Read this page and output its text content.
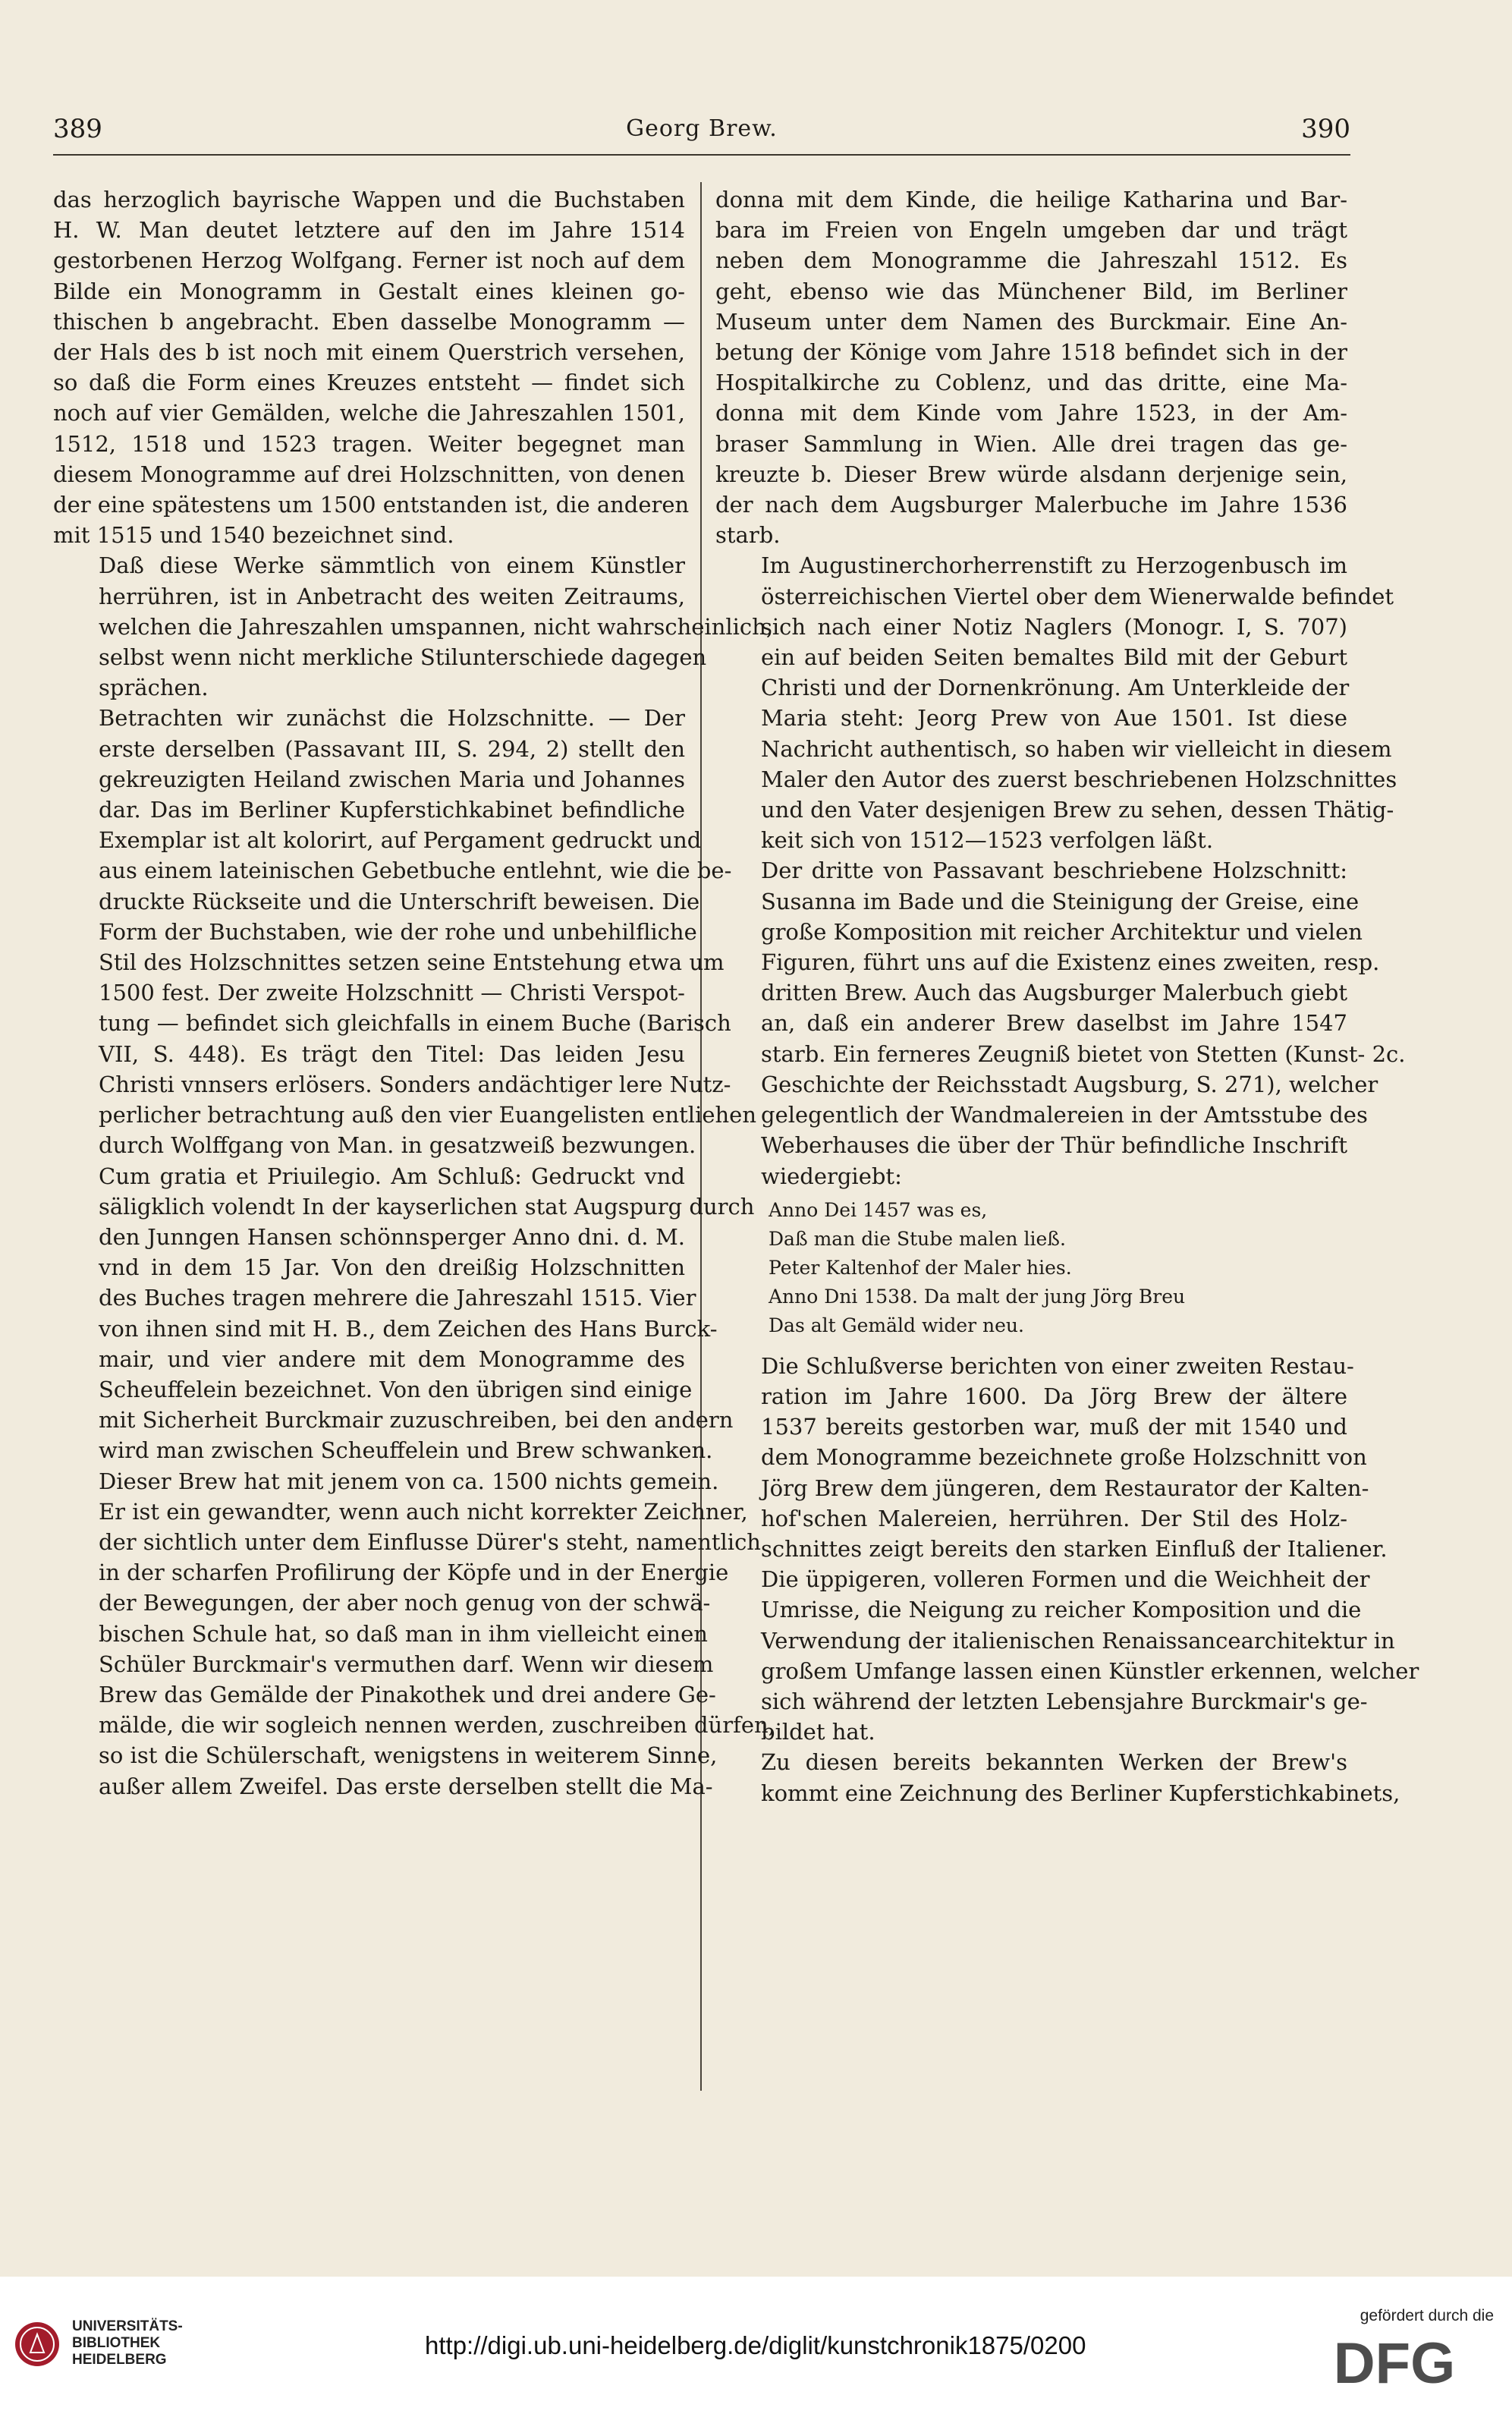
389	Georg Brew.	390

das herzoglich bayrische Wappen und die Buchstaben
H. W. Man deutet letztere auf den im Jahre 1514
gestorbenen Herzog Wolfgang. Ferner ist noch auf dem
Bilde ein Monogramm in Gestalt eines kleinen go-
thischen b angebracht. Eben dasselbe Monogramm —
der Hals des b ist noch mit einem Querstrich versehen,
so daß die Form eines Kreuzes entsteht — findet sich
noch auf vier Gemälden, welche die Jahreszahlen 1501,
1512, 1518 und 1523 tragen. Weiter begegnet man
diesem Monogramme auf drei Holzschnitten, von denen
der eine spätestens um 1500 entstanden ist, die anderen
mit 1515 und 1540 bezeichnet sind.

Daß diese Werke sämmtlich von einem Künstler
herrühren, ist in Anbetracht des weiten Zeitraums,
welchen die Jahreszahlen umspannen, nicht wahrscheinlich,
selbst wenn nicht merkliche Stilunterschiede dagegen
sprächen.

Betrachten wir zunächst die Holzschnitte. — Der
erste derselben (Passavant III, S. 294, 2) stellt den
gekreuzigten Heiland zwischen Maria und Johannes
dar. Das im Berliner Kupferstichkabinet befindliche
Exemplar ist alt kolorirt, auf Pergament gedruckt und
aus einem lateinischen Gebetbuche entlehnt, wie die be-
druckte Rückseite und die Unterschrift beweisen. Die
Form der Buchstaben, wie der rohe und unbehilfliche
Stil des Holzschnittes setzen seine Entstehung etwa um
1500 fest. Der zweite Holzschnitt — Christi Verspot-
tung — befindet sich gleichfalls in einem Buche (Barisch
VII, S. 448). Es trägt den Titel: Das leiden Jesu
Christi vnnsers erlösers. Sonders andächtiger lere Nutz-
perlicher betrachtung auß den vier Euangelisten entliehen
durch Wolffgang von Man. in gesatzweiß bezwungen.
Cum gratia et Priuilegio. Am Schluß: Gedruckt vnd
säligklich volendt In der kayserlichen stat Augspurg durch
den Junngen Hansen schönnsperger Anno dni. d. M.
vnd in dem 15 Jar. Von den dreißig Holzschnitten
des Buches tragen mehrere die Jahreszahl 1515. Vier
von ihnen sind mit H. B., dem Zeichen des Hans Burck-
mair, und vier andere mit dem Monogramme des
Scheuffelein bezeichnet. Von den übrigen sind einige
mit Sicherheit Burckmair zuzuschreiben, bei den andern
wird man zwischen Scheuffelein und Brew schwanken.
Dieser Brew hat mit jenem von ca. 1500 nichts gemein.
Er ist ein gewandter, wenn auch nicht korrekter Zeichner,
der sichtlich unter dem Einflusse Dürer's steht, namentlich
in der scharfen Profilirung der Köpfe und in der Energie
der Bewegungen, der aber noch genug von der schwä-
bischen Schule hat, so daß man in ihm vielleicht einen
Schüler Burckmair's vermuthen darf. Wenn wir diesem
Brew das Gemälde der Pinakothek und drei andere Ge-
mälde, die wir sogleich nennen werden, zuschreiben dürfen,
so ist die Schülerschaft, wenigstens in weiterem Sinne,
außer allem Zweifel. Das erste derselben stellt die Ma-

donna mit dem Kinde, die heilige Katharina und Bar-
bara im Freien von Engeln umgeben dar und trägt
neben dem Monogramme die Jahreszahl 1512. Es
geht, ebenso wie das Münchener Bild, im Berliner
Museum unter dem Namen des Burckmair. Eine An-
betung der Könige vom Jahre 1518 befindet sich in der
Hospitalkirche zu Coblenz, und das dritte, eine Ma-
donna mit dem Kinde vom Jahre 1523, in der Am-
braser Sammlung in Wien. Alle drei tragen das ge-
kreuzte b. Dieser Brew würde alsdann derjenige sein,
der nach dem Augsburger Malerbuche im Jahre 1536
starb.

Im Augustinerchorherrenstift zu Herzogenbusch im
österreichischen Viertel ober dem Wienerwalde befindet
sich nach einer Notiz Naglers (Monogr. I, S. 707)
ein auf beiden Seiten bemaltes Bild mit der Geburt
Christi und der Dornenkrönung. Am Unterkleide der
Maria steht: Jeorg Prew von Aue 1501. Ist diese
Nachricht authentisch, so haben wir vielleicht in diesem
Maler den Autor des zuerst beschriebenen Holzschnittes
und den Vater desjenigen Brew zu sehen, dessen Thätig-
keit sich von 1512—1523 verfolgen läßt.

Der dritte von Passavant beschriebene Holzschnitt:
Susanna im Bade und die Steinigung der Greise, eine
große Komposition mit reicher Architektur und vielen
Figuren, führt uns auf die Existenz eines zweiten, resp.
dritten Brew. Auch das Augsburger Malerbuch giebt
an, daß ein anderer Brew daselbst im Jahre 1547
starb. Ein ferneres Zeugniß bietet von Stetten (Kunst- 2c.
Geschichte der Reichsstadt Augsburg, S. 271), welcher
gelegentlich der Wandmalereien in der Amtsstube des
Weberhauses die über der Thür befindliche Inschrift
wiedergiebt:

Anno Dei 1457 was es,
Daß man die Stube malen ließ.
Peter Kaltenhof der Maler hies.
Anno Dni 1538. Da malt der jung Jörg Breu
Das alt Gemäld wider neu.

Die Schlußverse berichten von einer zweiten Restau-
ration im Jahre 1600. Da Jörg Brew der ältere
1537 bereits gestorben war, muß der mit 1540 und
dem Monogramme bezeichnete große Holzschnitt von
Jörg Brew dem jüngeren, dem Restaurator der Kalten-
hof'schen Malereien, herrühren. Der Stil des Holz-
schnittes zeigt bereits den starken Einfluß der Italiener.
Die üppigeren, volleren Formen und die Weichheit der
Umrisse, die Neigung zu reicher Komposition und die
Verwendung der italienischen Renaissancearchitektur in
großem Umfange lassen einen Künstler erkennen, welcher
sich während der letzten Lebensjahre Burckmair's ge-
bildet hat.

Zu diesen bereits bekannten Werken der Brew's
kommt eine Zeichnung des Berliner Kupferstichkabinets,

UNIVERSITÄTS-
BIBLIOTHEK
HEIDELBERG
http://digi.ub.uni-heidelberg.de/diglit/kunstchronik1875/0200
gefördert durch die
DFG
